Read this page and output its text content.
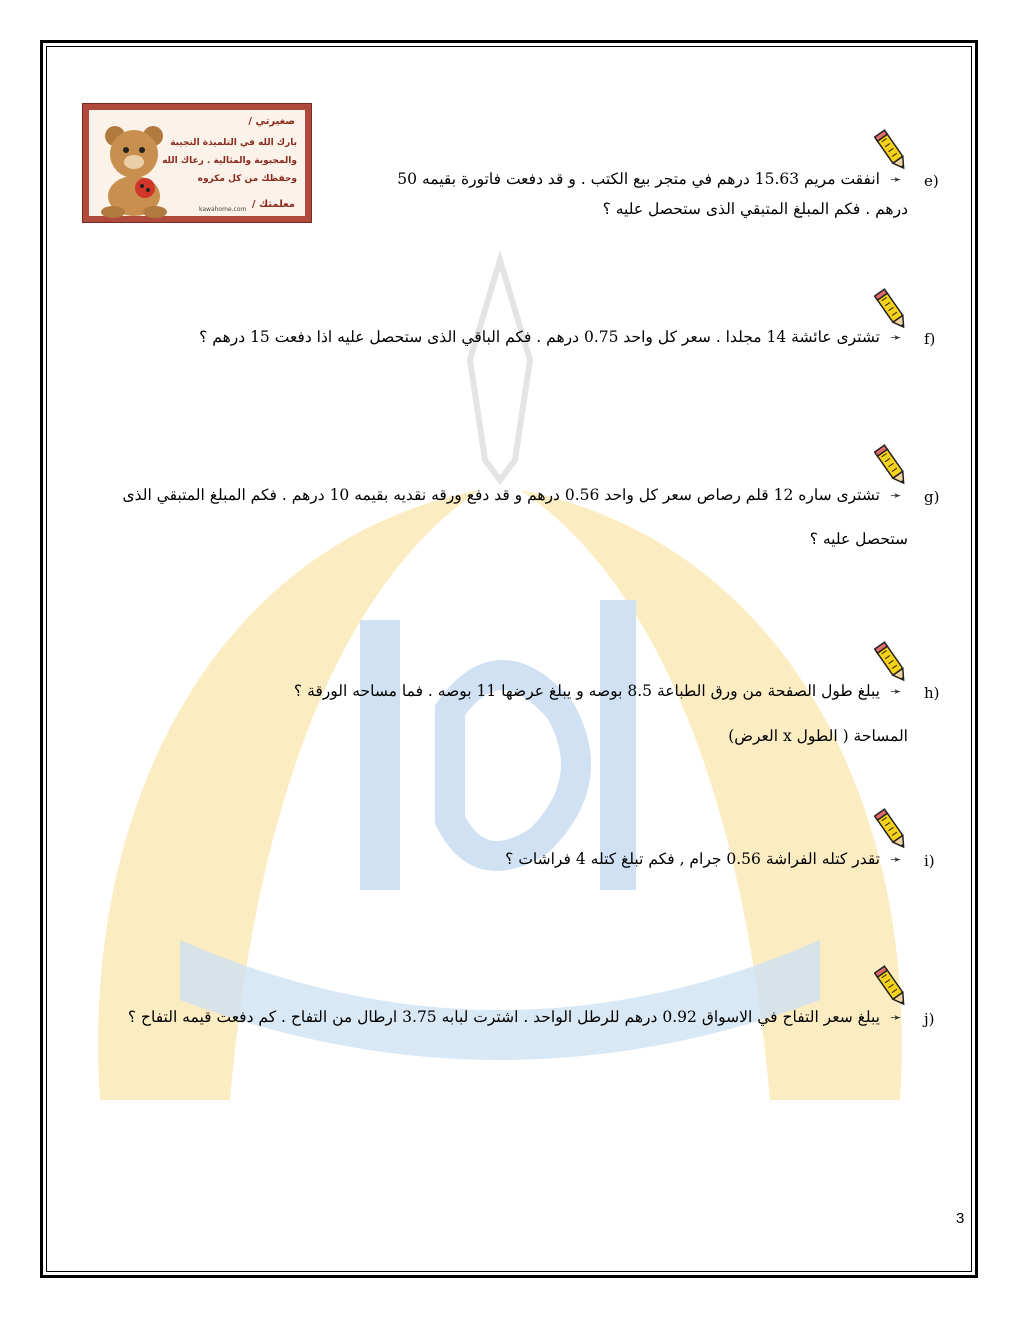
صغيرتي /
بارك الله في التلميذة النجيبة
والمحبوبة والمثالية . رعاك الله
وحفظك من كل مكروه
معلمتك /
kawahome.com
e)
➛
انفقت مريم 15.63 درهم في متجر بيع الكتب . و قد دفعت فاتورة بقيمه 50
درهم . فكم المبلغ المتبقي الذى ستحصل عليه ؟
f)
➛
تشترى عائشة 14 مجلدا . سعر كل واحد 0.75 درهم . فكم الباقي الذى ستحصل عليه اذا دفعت 15 درهم ؟
g)
➛
تشترى ساره 12 قلم رصاص سعر كل واحد 0.56 درهم و قد دفع ورقه نقديه بقيمه 10 درهم . فكم المبلغ المتبقي الذى
ستحصل عليه ؟
h)
➛
يبلغ طول الصفحة من ورق الطباعة 8.5 بوصه و يبلغ عرضها 11 بوصه . فما مساحه الورقة ؟
المساحة ( الطول x العرض)
i)
➛
تقدر كتله الفراشة 0.56 جرام , فكم تبلغ كتله 4 فراشات ؟
j)
➛
يبلغ سعر التفاح في الاسواق 0.92 درهم للرطل الواحد . اشترت لبابه 3.75 ارطال من التفاح . كم دفعت قيمه التفاح ؟
3
